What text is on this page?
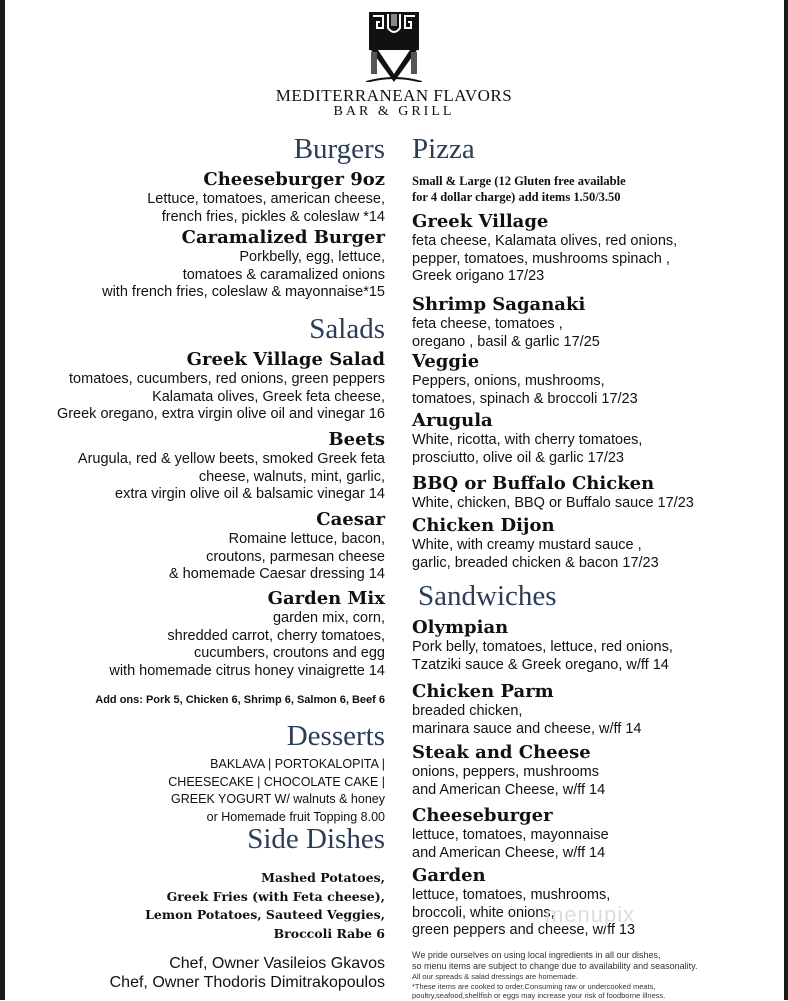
MEDITERRANEAN FLAVORS
BAR & GRILL
Burgers
Cheeseburger 9oz
Lettuce, tomatoes, american cheese,
french fries, pickles & coleslaw *14
Caramalized Burger
Porkbelly, egg, lettuce,
tomatoes & caramalized onions
with french fries, coleslaw & mayonnaise*15
Salads
Greek Village Salad
tomatoes, cucumbers, red onions, green peppers
Kalamata olives, Greek feta cheese,
Greek oregano, extra virgin olive oil and vinegar 16
Beets
Arugula, red & yellow beets, smoked Greek feta
cheese, walnuts, mint, garlic,
extra virgin olive oil & balsamic vinegar 14
Caesar
Romaine lettuce, bacon,
croutons, parmesan cheese
& homemade Caesar dressing 14
Garden Mix
garden mix, corn,
shredded carrot, cherry tomatoes,
cucumbers, croutons and egg
with homemade citrus honey vinaigrette 14
Add ons: Pork 5, Chicken 6, Shrimp 6, Salmon 6, Beef 6
Desserts
BAKLAVA | PORTOKALOPITA |
CHEESECAKE | CHOCOLATE CAKE |
GREEK YOGURT W/ walnuts & honey
or Homemade fruit Topping 8.00
Side Dishes
Mashed Potatoes,
Greek Fries (with Feta cheese),
Lemon Potatoes, Sauteed Veggies,
Broccoli Rabe 6
Chef, Owner Vasileios Gkavos
Chef, Owner Thodoris Dimitrakopoulos
Pizza
Small & Large (12 Gluten free available
for 4 dollar charge) add items 1.50/3.50
Greek Village
feta cheese, Kalamata olives, red onions,
pepper, tomatoes, mushrooms spinach ,
Greek origano 17/23
Shrimp Saganaki
feta cheese, tomatoes ,
oregano , basil & garlic 17/25
Veggie
Peppers, onions, mushrooms,
tomatoes, spinach & broccoli 17/23
Arugula
White, ricotta, with cherry tomatoes,
prosciutto, olive oil & garlic 17/23
BBQ or Buffalo Chicken
White, chicken, BBQ or Buffalo sauce 17/23
Chicken Dijon
White, with creamy mustard sauce ,
garlic, breaded chicken & bacon 17/23
Sandwiches
Olympian
Pork belly, tomatoes, lettuce, red onions,
Tzatziki sauce & Greek oregano, w/ff 14
Chicken Parm
breaded chicken,
marinara sauce and cheese, w/ff 14
Steak and Cheese
onions, peppers, mushrooms
and American Cheese, w/ff 14
Cheeseburger
lettuce, tomatoes, mayonnaise
and American Cheese, w/ff 14
Garden
lettuce, tomatoes, mushrooms,
broccoli, white onions,
green peppers and cheese, w/ff 13
menupix
We pride ourselves on using local ingredients in all our dishes,
so menu items are subject to change due to availability and seasonality.
All our spreads & salad dressings are homemade.
*These items are cooked to order.Consuming raw or undercooked meats,
poultry,seafood,shellfish or eggs may increase your risk of foodborne illness.
